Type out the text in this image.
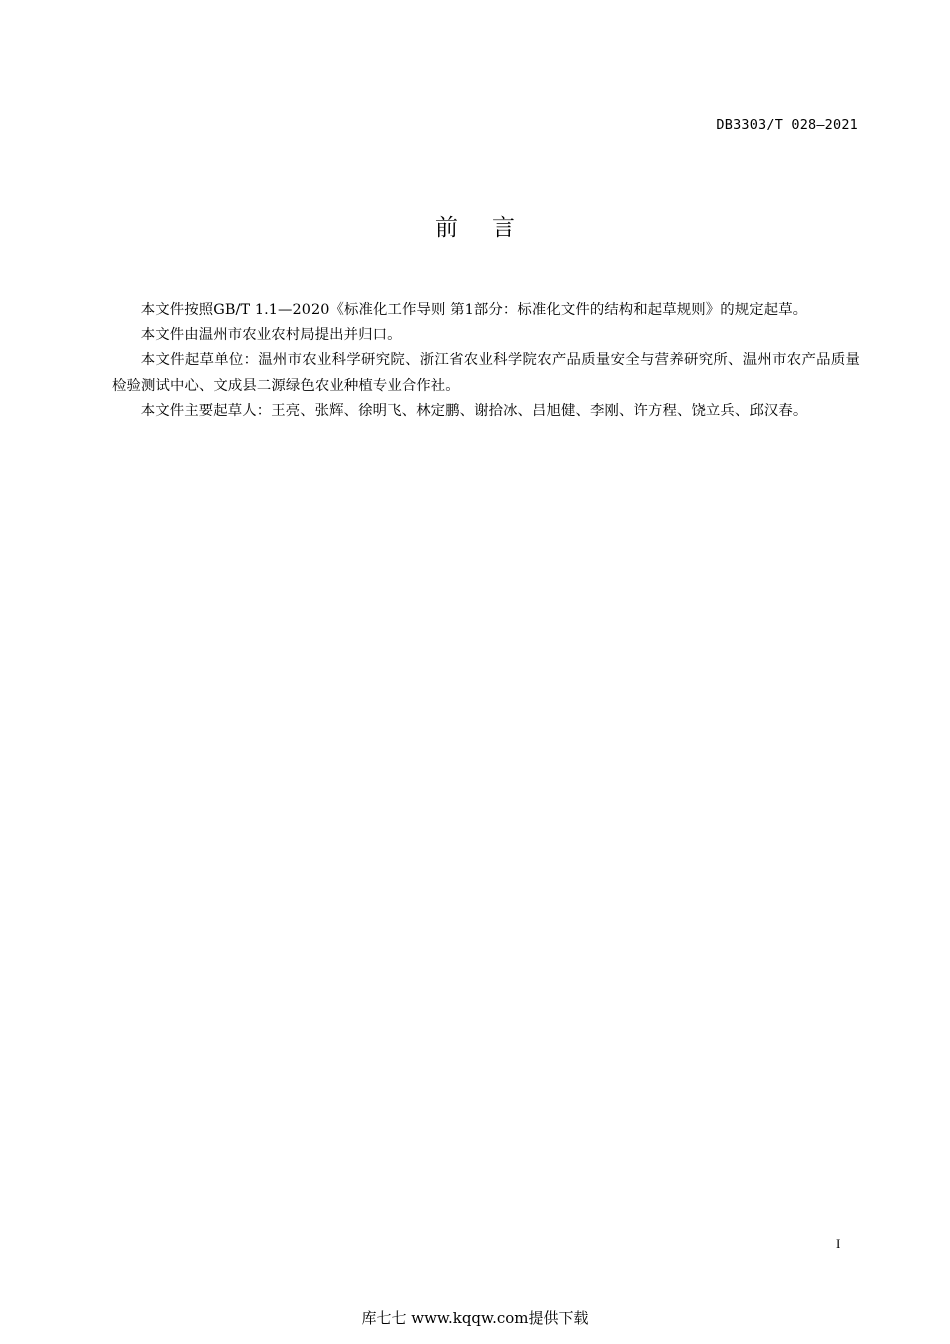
DB3303/T 028—2021
前 言

本文件按照GB/T 1.1—2020《标准化工作导则 第1部分：标准化文件的结构和起草规则》的规定起草。

本文件由温州市农业农村局提出并归口。

本文件起草单位：温州市农业科学研究院、浙江省农业科学院农产品质量安全与营养研究所、温州市农产品质量检验测试中心、文成县二源绿色农业种植专业合作社。

本文件主要起草人：王亮、张辉、徐明飞、林定鹏、谢拾冰、吕旭健、李刚、许方程、饶立兵、邱汉春。

I
库七七 www.kqqw.com提供下载
